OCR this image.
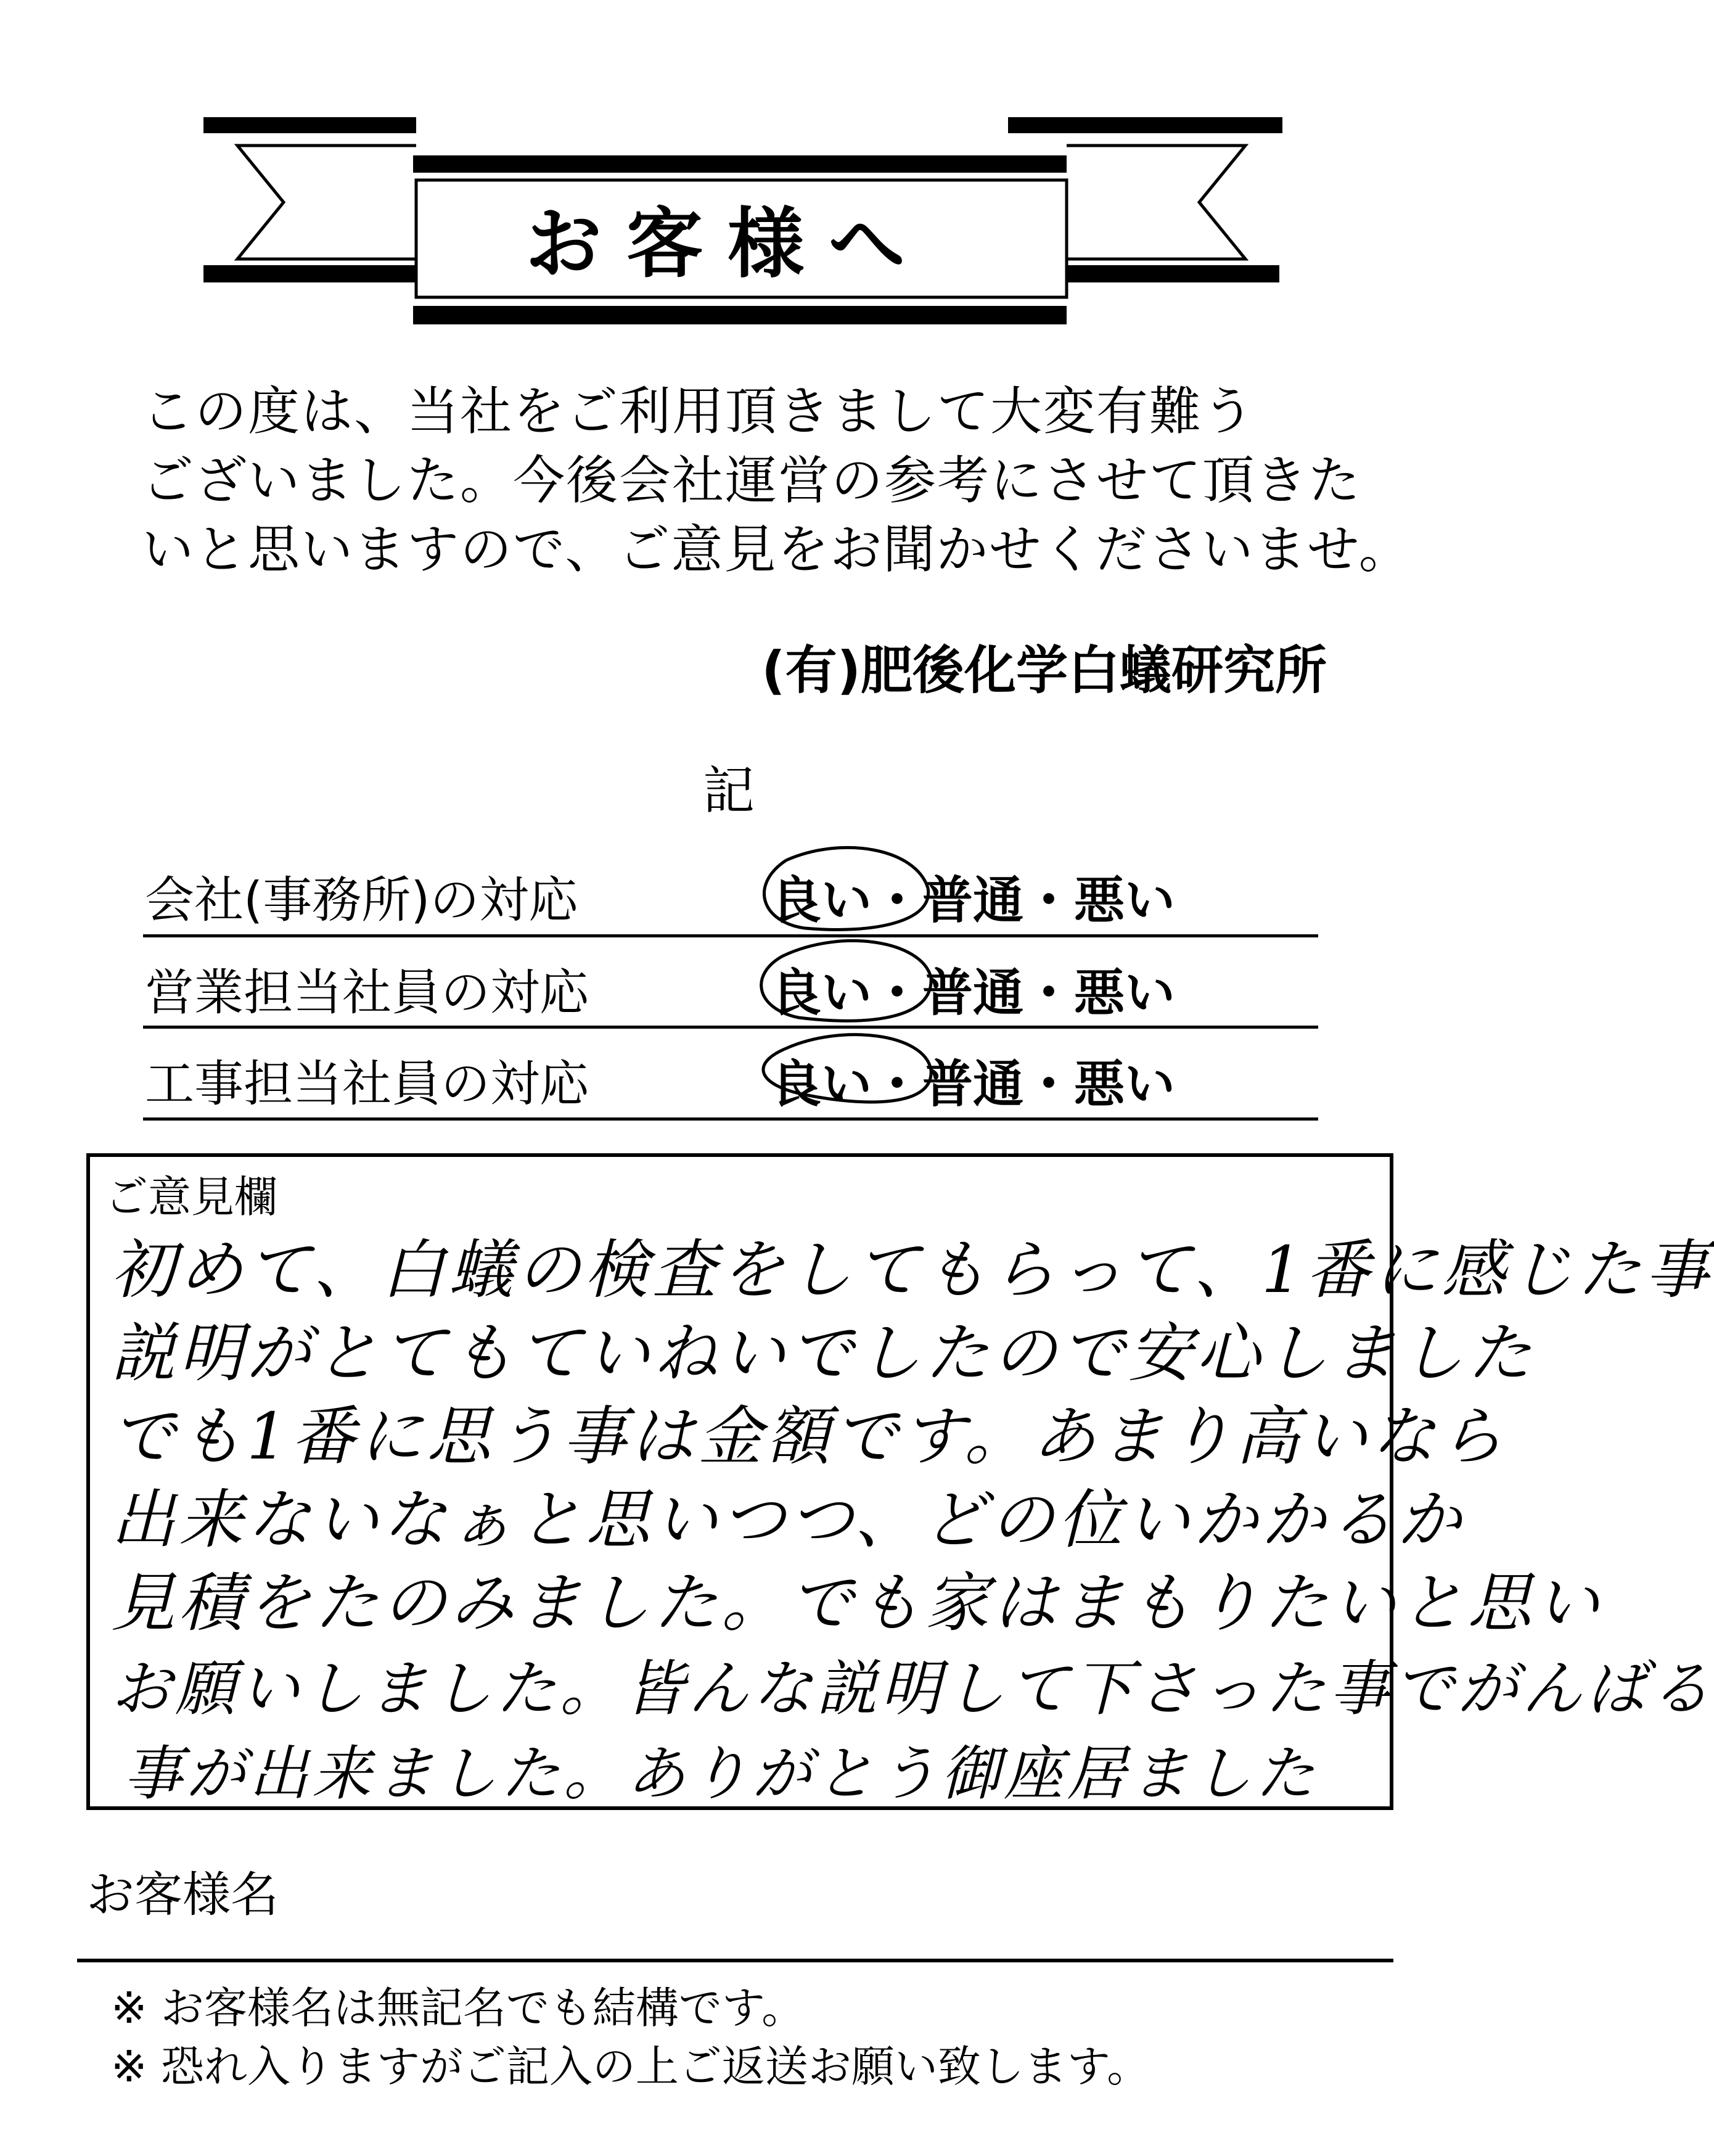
お客様へ
この度は、当社をご利用頂きまして大変有難う
ございました。今後会社運営の参考にさせて頂きた
いと思いますので、ご意見をお聞かせくださいませ。
(有)肥後化学白蟻研究所
記
会社(事務所)の対応	良い・普通・悪い
営業担当社員の対応	良い・普通・悪い
工事担当社員の対応	良い・普通・悪い
ご意見欄
初めて、白蟻の検査をしてもらって、1番に感じた事
説明がとてもていねいでしたので安心しました
でも1番に思う事は金額です。あまり高いなら
出来ないなぁと思いつつ、どの位いかかるか
見積をたのみました。でも家はまもりたいと思い
お願いしました。皆んな説明して下さった事でがんばる
事が出来ました。ありがとう御座居ました
お客様名
※ お客様名は無記名でも結構です。
※ 恐れ入りますがご記入の上ご返送お願い致します。
